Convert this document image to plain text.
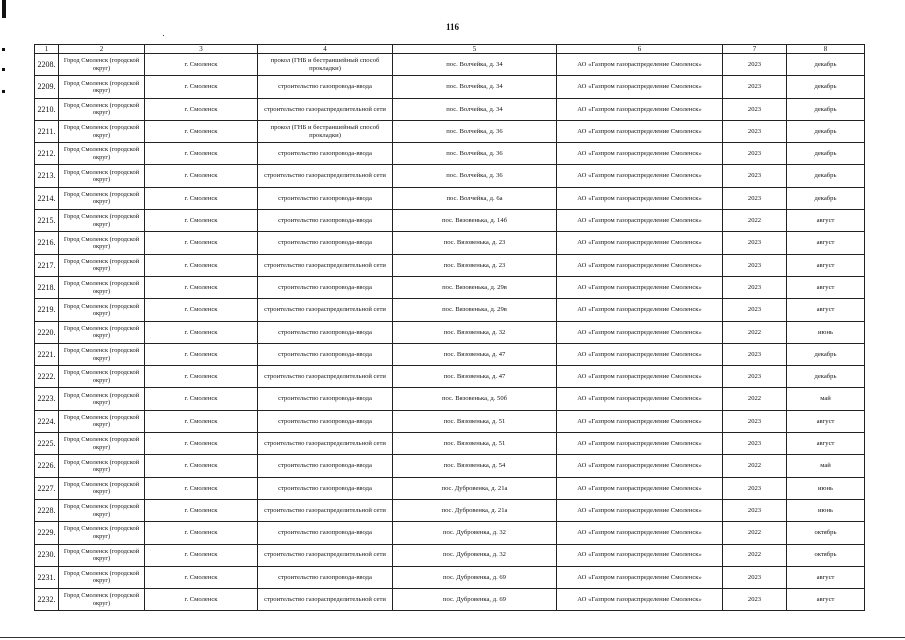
116
1	2	3	4	5	6	7	8
2208.	Город Смоленск (городской округ)	г. Смоленск	прокол (ГНБ и бестраншейный способ прокладки)	пос. Волчейка, д. 34	АО «Газпром газораспределение Смоленск»	2023	декабрь
2209.	Город Смоленск (городской округ)	г. Смоленск	строительство газопровода-ввода	пос. Волчейка, д. 34	АО «Газпром газораспределение Смоленск»	2023	декабрь
2210.	Город Смоленск (городской округ)	г. Смоленск	строительство газораспределительной сети	пос. Волчейка, д. 34	АО «Газпром газораспределение Смоленск»	2023	декабрь
2211.	Город Смоленск (городской округ)	г. Смоленск	прокол (ГНБ и бестраншейный способ прокладки)	пос. Волчейка, д. 36	АО «Газпром газораспределение Смоленск»	2023	декабрь
2212.	Город Смоленск (городской округ)	г. Смоленск	строительство газопровода-ввода	пос. Волчейка, д. 36	АО «Газпром газораспределение Смоленск»	2023	декабрь
2213.	Город Смоленск (городской округ)	г. Смоленск	строительство газораспределительной сети	пос. Волчейка, д. 36	АО «Газпром газораспределение Смоленск»	2023	декабрь
2214.	Город Смоленск (городской округ)	г. Смоленск	строительство газопровода-ввода	пос. Волчейка, д. 6а	АО «Газпром газораспределение Смоленск»	2023	декабрь
2215.	Город Смоленск (городской округ)	г. Смоленск	строительство газопровода-ввода	пос. Вязовенька, д. 14б	АО «Газпром газораспределение Смоленск»	2022	август
2216.	Город Смоленск (городской округ)	г. Смоленск	строительство газопровода-ввода	пос. Вязовенька, д. 23	АО «Газпром газораспределение Смоленск»	2023	август
2217.	Город Смоленск (городской округ)	г. Смоленск	строительство газораспределительной сети	пос. Вязовенька, д. 23	АО «Газпром газораспределение Смоленск»	2023	август
2218.	Город Смоленск (городской округ)	г. Смоленск	строительство газопровода-ввода	пос. Вязовенька, д. 29в	АО «Газпром газораспределение Смоленск»	2023	август
2219.	Город Смоленск (городской округ)	г. Смоленск	строительство газораспределительной сети	пос. Вязовенька, д. 29в	АО «Газпром газораспределение Смоленск»	2023	август
2220.	Город Смоленск (городской округ)	г. Смоленск	строительство газопровода-ввода	пос. Вязовенька, д. 32	АО «Газпром газораспределение Смоленск»	2022	июнь
2221.	Город Смоленск (городской округ)	г. Смоленск	строительство газопровода-ввода	пос. Вязовенька, д. 47	АО «Газпром газораспределение Смоленск»	2023	декабрь
2222.	Город Смоленск (городской округ)	г. Смоленск	строительство газораспределительной сети	пос. Вязовенька, д. 47	АО «Газпром газораспределение Смоленск»	2023	декабрь
2223.	Город Смоленск (городской округ)	г. Смоленск	строительство газопровода-ввода	пос. Вязовенька, д. 50б	АО «Газпром газораспределение Смоленск»	2022	май
2224.	Город Смоленск (городской округ)	г. Смоленск	строительство газопровода-ввода	пос. Вязовенька, д. 51	АО «Газпром газораспределение Смоленск»	2023	август
2225.	Город Смоленск (городской округ)	г. Смоленск	строительство газораспределительной сети	пос. Вязовенька, д. 51	АО «Газпром газораспределение Смоленск»	2023	август
2226.	Город Смоленск (городской округ)	г. Смоленск	строительство газопровода-ввода	пос. Вязовенька, д. 54	АО «Газпром газораспределение Смоленск»	2022	май
2227.	Город Смоленск (городской округ)	г. Смоленск	строительство газопровода-ввода	пос. Дубровенка, д. 21а	АО «Газпром газораспределение Смоленск»	2023	июнь
2228.	Город Смоленск (городской округ)	г. Смоленск	строительство газораспределительной сети	пос. Дубровенка, д. 21а	АО «Газпром газораспределение Смоленск»	2023	июнь
2229.	Город Смоленск (городской округ)	г. Смоленск	строительство газопровода-ввода	пос. Дубровенка, д. 32	АО «Газпром газораспределение Смоленск»	2022	октябрь
2230.	Город Смоленск (городской округ)	г. Смоленск	строительство газораспределительной сети	пос. Дубровенка, д. 32	АО «Газпром газораспределение Смоленск»	2022	октябрь
2231.	Город Смоленск (городской округ)	г. Смоленск	строительство газопровода-ввода	пос. Дубровенка, д. 69	АО «Газпром газораспределение Смоленск»	2023	август
2232.	Город Смоленск (городской округ)	г. Смоленск	строительство газораспределительной сети	пос. Дубровенка, д. 69	АО «Газпром газораспределение Смоленск»	2023	август
